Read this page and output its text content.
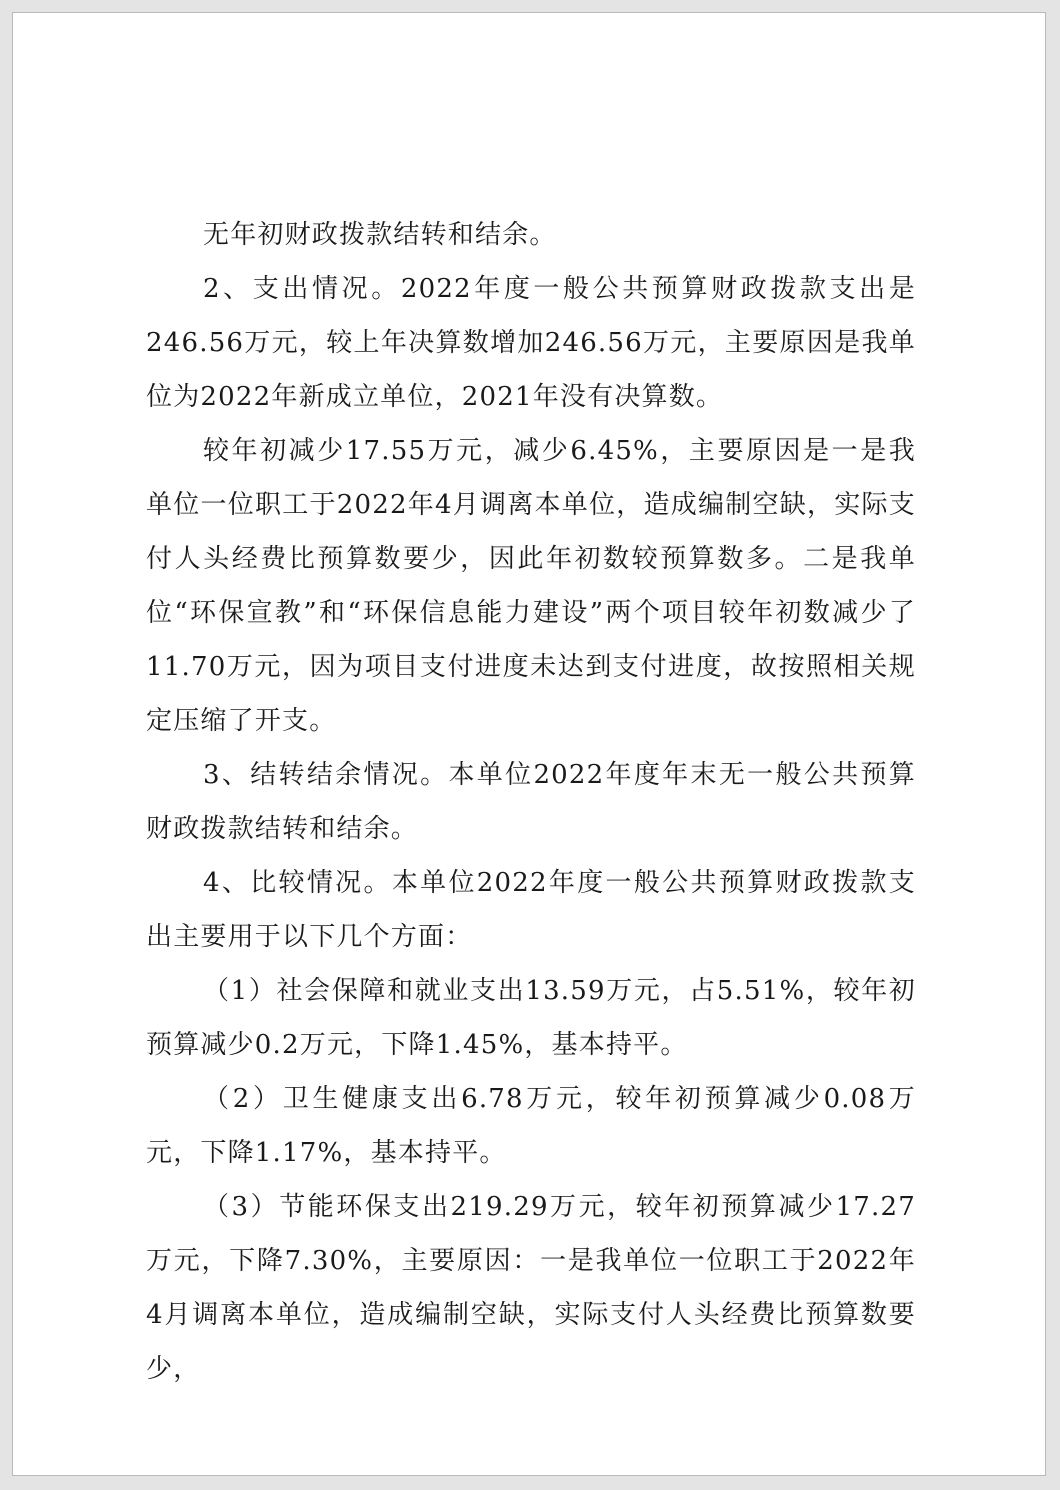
无年初财政拨款结转和结余。

2、支出情况。2022年度一般公共预算财政拨款支出是246.56万元，较上年决算数增加246.56万元，主要原因是我单位为2022年新成立单位，2021年没有决算数。

较年初减少17.55万元，减少6.45%，主要原因是一是我单位一位职工于2022年4月调离本单位，造成编制空缺，实际支付人头经费比预算数要少，因此年初数较预算数多。二是我单位“环保宣教”和“环保信息能力建设”两个项目较年初数减少了11.70万元，因为项目支付进度未达到支付进度，故按照相关规定压缩了开支。

3、结转结余情况。本单位2022年度年末无一般公共预算财政拨款结转和结余。

4、比较情况。本单位2022年度一般公共预算财政拨款支出主要用于以下几个方面：

（1）社会保障和就业支出13.59万元，占5.51%，较年初预算减少0.2万元，下降1.45%，基本持平。

（2）卫生健康支出6.78万元，较年初预算减少0.08万元，下降1.17%，基本持平。

（3）节能环保支出219.29万元，较年初预算减少17.27万元，下降7.30%，主要原因：一是我单位一位职工于2022年4月调离本单位，造成编制空缺，实际支付人头经费比预算数要少，
